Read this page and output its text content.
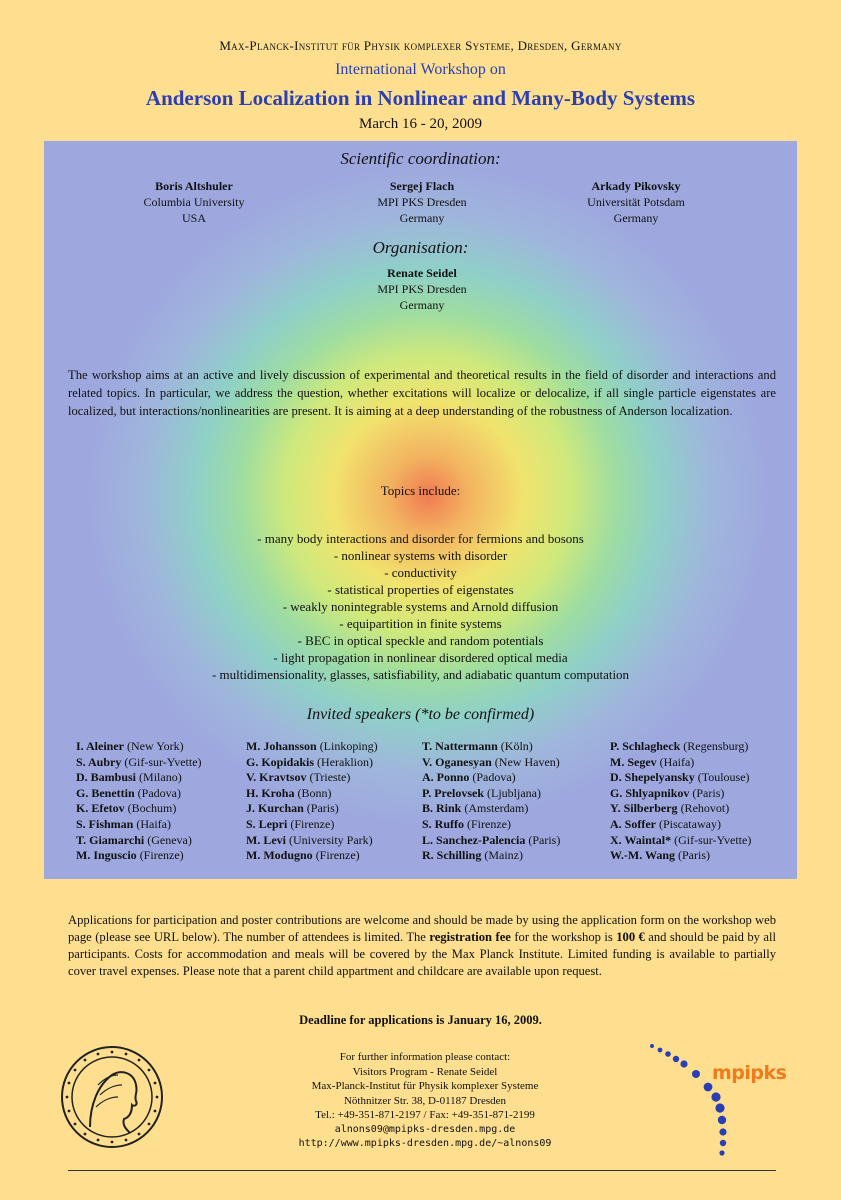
Max-Planck-Institut für Physik komplexer Systeme, Dresden, Germany
International Workshop on
Anderson Localization in Nonlinear and Many-Body Systems
March 16 - 20, 2009
Scientific coordination:
Boris Altshuler
Columbia University
USA
Sergej Flach
MPI PKS Dresden
Germany
Arkady Pikovsky
Universität Potsdam
Germany
Organisation:
Renate Seidel
MPI PKS Dresden
Germany
The workshop aims at an active and lively discussion of experimental and theoretical results in the field of disorder and interactions and related topics. In particular, we address the question, whether excitations will localize or delocalize, if all single particle eigenstates are localized, but interactions/nonlinearities are present. It is aiming at a deep understanding of the robustness of Anderson localization.
Topics include:
- many body interactions and disorder for fermions and bosons
- nonlinear systems with disorder
- conductivity
- statistical properties of eigenstates
- weakly nonintegrable systems and Arnold diffusion
- equipartition in finite systems
- BEC in optical speckle and random potentials
- light propagation in nonlinear disordered optical media
- multidimensionality, glasses, satisfiability, and adiabatic quantum computation
Invited speakers (*to be confirmed)
I. Aleiner (New York)
S. Aubry (Gif-sur-Yvette)
D. Bambusi (Milano)
G. Benettin (Padova)
K. Efetov (Bochum)
S. Fishman (Haifa)
T. Giamarchi (Geneva)
M. Inguscio (Firenze)
M. Johansson (Linkoping)
G. Kopidakis (Heraklion)
V. Kravtsov (Trieste)
H. Kroha (Bonn)
J. Kurchan (Paris)
S. Lepri (Firenze)
M. Levi (University Park)
M. Modugno (Firenze)
T. Nattermann (Köln)
V. Oganesyan (New Haven)
A. Ponno (Padova)
P. Prelovsek (Ljubljana)
B. Rink (Amsterdam)
S. Ruffo (Firenze)
L. Sanchez-Palencia (Paris)
R. Schilling (Mainz)
P. Schlagheck (Regensburg)
M. Segev (Haifa)
D. Shepelyansky (Toulouse)
G. Shlyapnikov (Paris)
Y. Silberberg (Rehovot)
A. Soffer (Piscataway)
X. Waintal* (Gif-sur-Yvette)
W.-M. Wang (Paris)
Applications for participation and poster contributions are welcome and should be made by using the application form on the workshop web page (please see URL below). The number of attendees is limited. The registration fee for the workshop is 100 € and should be paid by all participants. Costs for accommodation and meals will be covered by the Max Planck Institute. Limited funding is available to partially cover travel expenses. Please note that a parent child appartment and childcare are available upon request.
Deadline for applications is January 16, 2009.
For further information please contact:
Visitors Program - Renate Seidel
Max-Planck-Institut für Physik komplexer Systeme
Nöthnitzer Str. 38, D-01187 Dresden
Tel.: +49-351-871-2197 / Fax: +49-351-871-2199
alnons09@mpipks-dresden.mpg.de
http://www.mpipks-dresden.mpg.de/~alnons09
mpipks
